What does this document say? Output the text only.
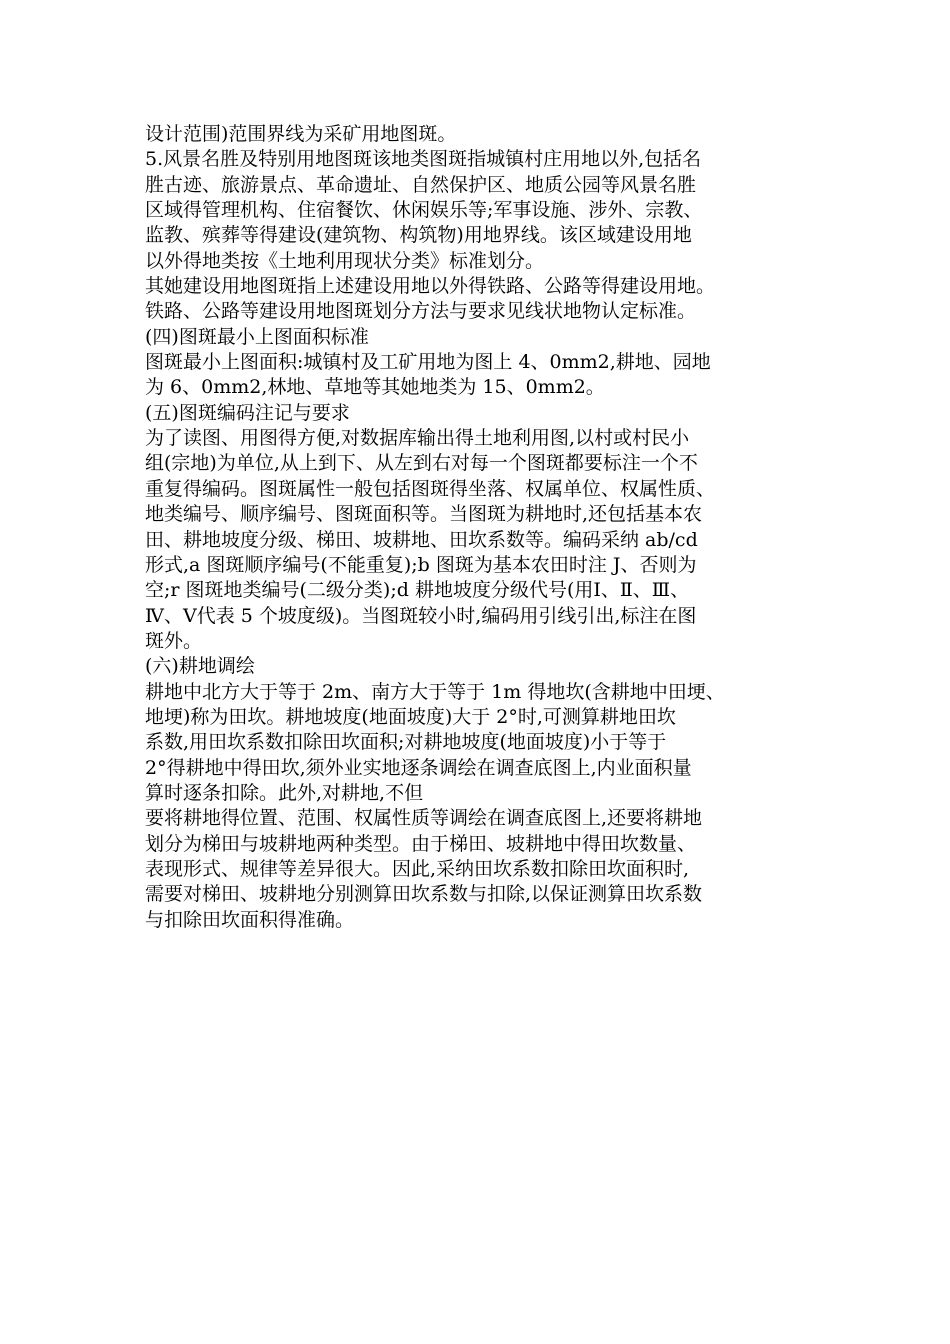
设计范围)范围界线为采矿用地图斑。
5.风景名胜及特别用地图斑该地类图斑指城镇村庄用地以外,包括名
胜古迹、旅游景点、革命遗址、自然保护区、地质公园等风景名胜
区域得管理机构、住宿餐饮、休闲娱乐等;军事设施、涉外、宗教、
监教、殡葬等得建设(建筑物、构筑物)用地界线。该区域建设用地
以外得地类按《土地利用现状分类》标准划分。
其她建设用地图斑指上述建设用地以外得铁路、公路等得建设用地。
铁路、公路等建设用地图斑划分方法与要求见线状地物认定标准。
(四)图斑最小上图面积标准
图斑最小上图面积:城镇村及工矿用地为图上 4、0mm2,耕地、园地
为 6、0mm2,林地、草地等其她地类为 15、0mm2。
(五)图斑编码注记与要求
为了读图、用图得方便,对数据库输出得土地利用图,以村或村民小
组(宗地)为单位,从上到下、从左到右对每一个图斑都要标注一个不
重复得编码。图斑属性一般包括图斑得坐落、权属单位、权属性质、
地类编号、顺序编号、图斑面积等。当图斑为耕地时,还包括基本农
田、耕地坡度分级、梯田、坡耕地、田坎系数等。编码采纳 ab/cd
形式,a 图斑顺序编号(不能重复);b 图斑为基本农田时注 J、否则为
空;r 图斑地类编号(二级分类);d 耕地坡度分级代号(用Ⅰ、Ⅱ、Ⅲ、
Ⅳ、Ⅴ代表 5 个坡度级)。当图斑较小时,编码用引线引出,标注在图
斑外。
(六)耕地调绘
耕地中北方大于等于 2m、南方大于等于 1m 得地坎(含耕地中田埂、
地埂)称为田坎。耕地坡度(地面坡度)大于 2°时,可测算耕地田坎
系数,用田坎系数扣除田坎面积;对耕地坡度(地面坡度)小于等于
2°得耕地中得田坎,须外业实地逐条调绘在调查底图上,内业面积量
算时逐条扣除。此外,对耕地,不但
要将耕地得位置、范围、权属性质等调绘在调查底图上,还要将耕地
划分为梯田与坡耕地两种类型。由于梯田、坡耕地中得田坎数量、
表现形式、规律等差异很大。因此,采纳田坎系数扣除田坎面积时,
需要对梯田、坡耕地分别测算田坎系数与扣除,以保证测算田坎系数
与扣除田坎面积得准确。
